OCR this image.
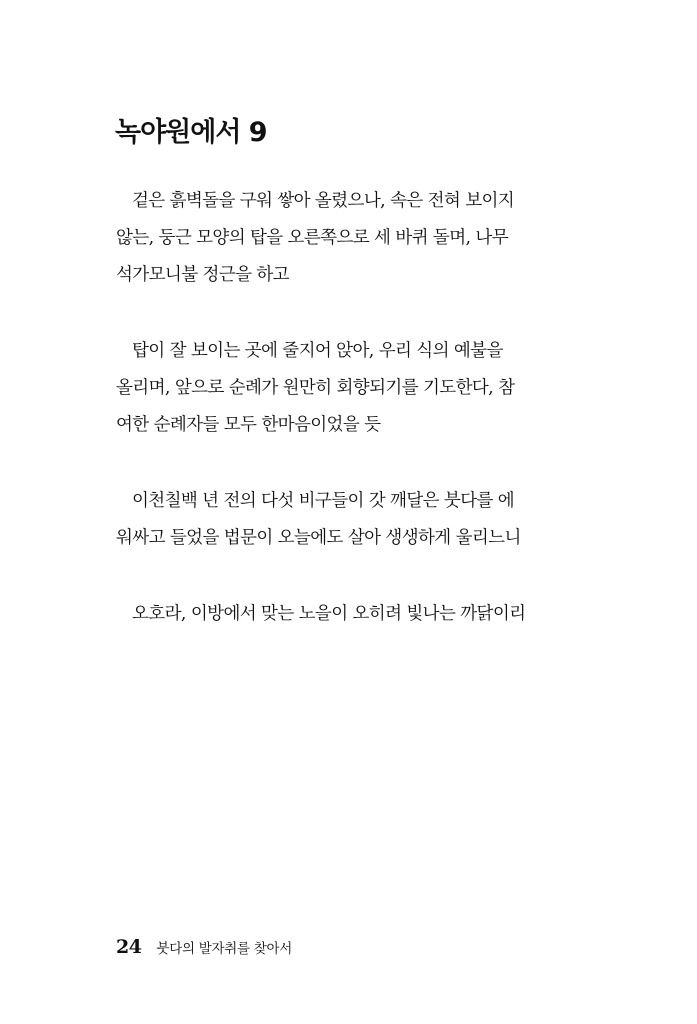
녹야원에서 9

겉은 흙벽돌을 구워 쌓아 올렸으나, 속은 전혀 보이지
않는, 둥근 모양의 탑을 오른쪽으로 세 바퀴 돌며, 나무
석가모니불 정근을 하고

탑이 잘 보이는 곳에 줄지어 앉아, 우리 식의 예불을
올리며, 앞으로 순례가 원만히 회향되기를 기도한다, 참
여한 순례자들 모두 한마음이었을 듯

이천칠백 년 전의 다섯 비구들이 갓 깨달은 붓다를 에
워싸고 들었을 법문이 오늘에도 살아 생생하게 울리느니

오호라, 이방에서 맞는 노을이 오히려 빛나는 까닭이리

24 붓다의 발자취를 찾아서
